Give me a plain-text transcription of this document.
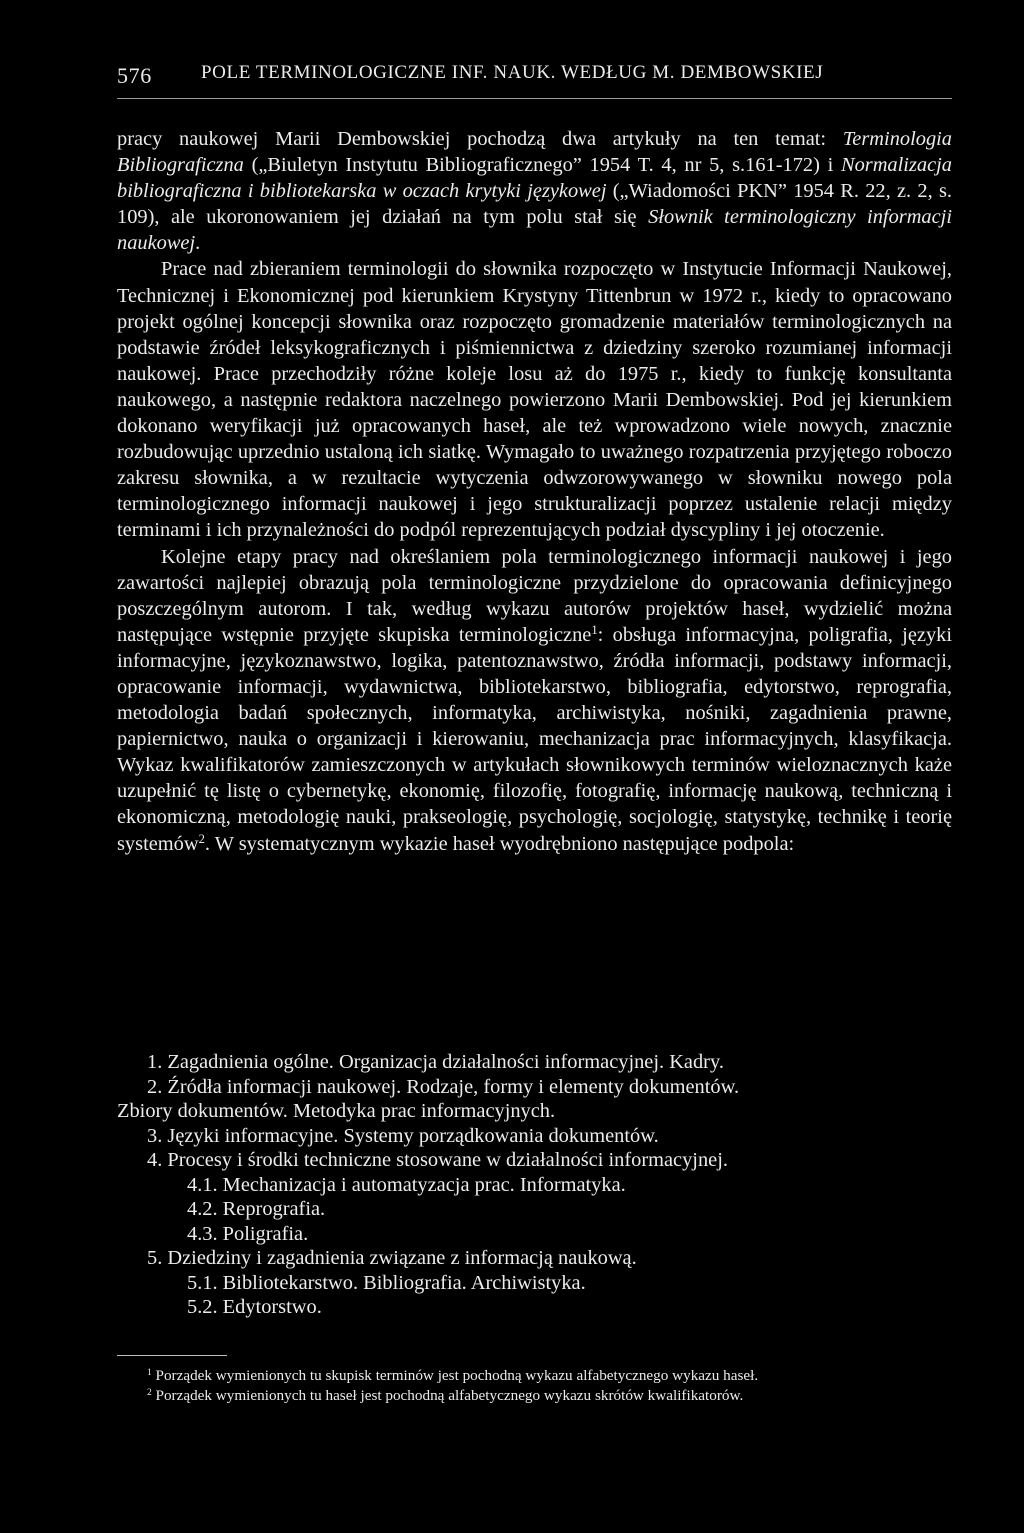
576	POLE TERMINOLOGICZNE INF. NAUK. WEDŁUG M. DEMBOWSKIEJ

pracy naukowej Marii Dembowskiej pochodzą dwa artykuły na ten temat: Terminologia Bibliograficzna („Biuletyn Instytutu Bibliograficznego” 1954 T. 4, nr 5, s.161-172) i Normalizacja bibliograficzna i bibliotekarska w oczach krytyki językowej („Wiadomości PKN” 1954 R. 22, z. 2, s. 109), ale ukoronowaniem jej działań na tym polu stał się Słownik terminologiczny informacji naukowej.

Prace nad zbieraniem terminologii do słownika rozpoczęto w Instytucie Informacji Naukowej, Technicznej i Ekonomicznej pod kierunkiem Krystyny Tittenbrun w 1972 r., kiedy to opracowano projekt ogólnej koncepcji słownika oraz rozpoczęto gromadzenie materiałów terminologicznych na podstawie źródeł leksykograficznych i piśmiennictwa z dziedziny szeroko rozumianej informacji naukowej. Prace przechodziły różne koleje losu aż do 1975 r., kiedy to funkcję konsultanta naukowego, a następnie redaktora naczelnego powierzono Marii Dembowskiej. Pod jej kierunkiem dokonano weryfikacji już opracowanych haseł, ale też wprowadzono wiele nowych, znacznie rozbudowując uprzednio ustaloną ich siatkę. Wymagało to uważnego rozpatrzenia przyjętego roboczo zakresu słownika, a w rezultacie wytyczenia odwzorowywanego w słowniku nowego pola terminologicznego informacji naukowej i jego strukturalizacji poprzez ustalenie relacji między terminami i ich przynależności do podpól reprezentujących podział dyscypliny i jej otoczenie.

Kolejne etapy pracy nad określaniem pola terminologicznego informacji naukowej i jego zawartości najlepiej obrazują pola terminologiczne przydzielone do opracowania definicyjnego poszczególnym autorom. I tak, według wykazu autorów projektów haseł, wydzielić można następujące wstępnie przyjęte skupiska terminologiczne$^1$: obsługa informacyjna, poligrafia, języki informacyjne, językoznawstwo, logika, patentoznawstwo, źródła informacji, podstawy informacji, opracowanie informacji, wydawnictwa, bibliotekarstwo, bibliografia, edytorstwo, reprografia, metodologia badań społecznych, informatyka, archiwistyka, nośniki, zagadnienia prawne, papiernictwo, nauka o organizacji i kierowaniu, mechanizacja prac informacyjnych, klasyfikacja. Wykaz kwalifikatorów zamieszczonych w artykułach słownikowych terminów wieloznacznych każe uzupełnić tę listę o cybernetykę, ekonomię, filozofię, fotografię, informację naukową, techniczną i ekonomiczną, metodologię nauki, prakseologię, psychologię, socjologię, statystykę, technikę i teorię systemów$^2$. W systematycznym wykazie haseł wyodrębniono następujące podpola:

1. Zagadnienia ogólne. Organizacja działalności informacyjnej. Kadry.
2. Źródła informacji naukowej. Rodzaje, formy i elementy dokumentów.
Zbiory dokumentów. Metodyka prac informacyjnych.
3. Języki informacyjne. Systemy porządkowania dokumentów.
4. Procesy i środki techniczne stosowane w działalności informacyjnej.
4.1. Mechanizacja i automatyzacja prac. Informatyka.
4.2. Reprografia.
4.3. Poligrafia.
5. Dziedziny i zagadnienia związane z informacją naukową.
5.1. Bibliotekarstwo. Bibliografia. Archiwistyka.
5.2. Edytorstwo.
$^1$ Porządek wymienionych tu skupisk terminów jest pochodną wykazu alfabetycznego wykazu haseł.
$^2$ Porządek wymienionych tu haseł jest pochodną alfabetycznego wykazu skrótów kwalifikatorów.
